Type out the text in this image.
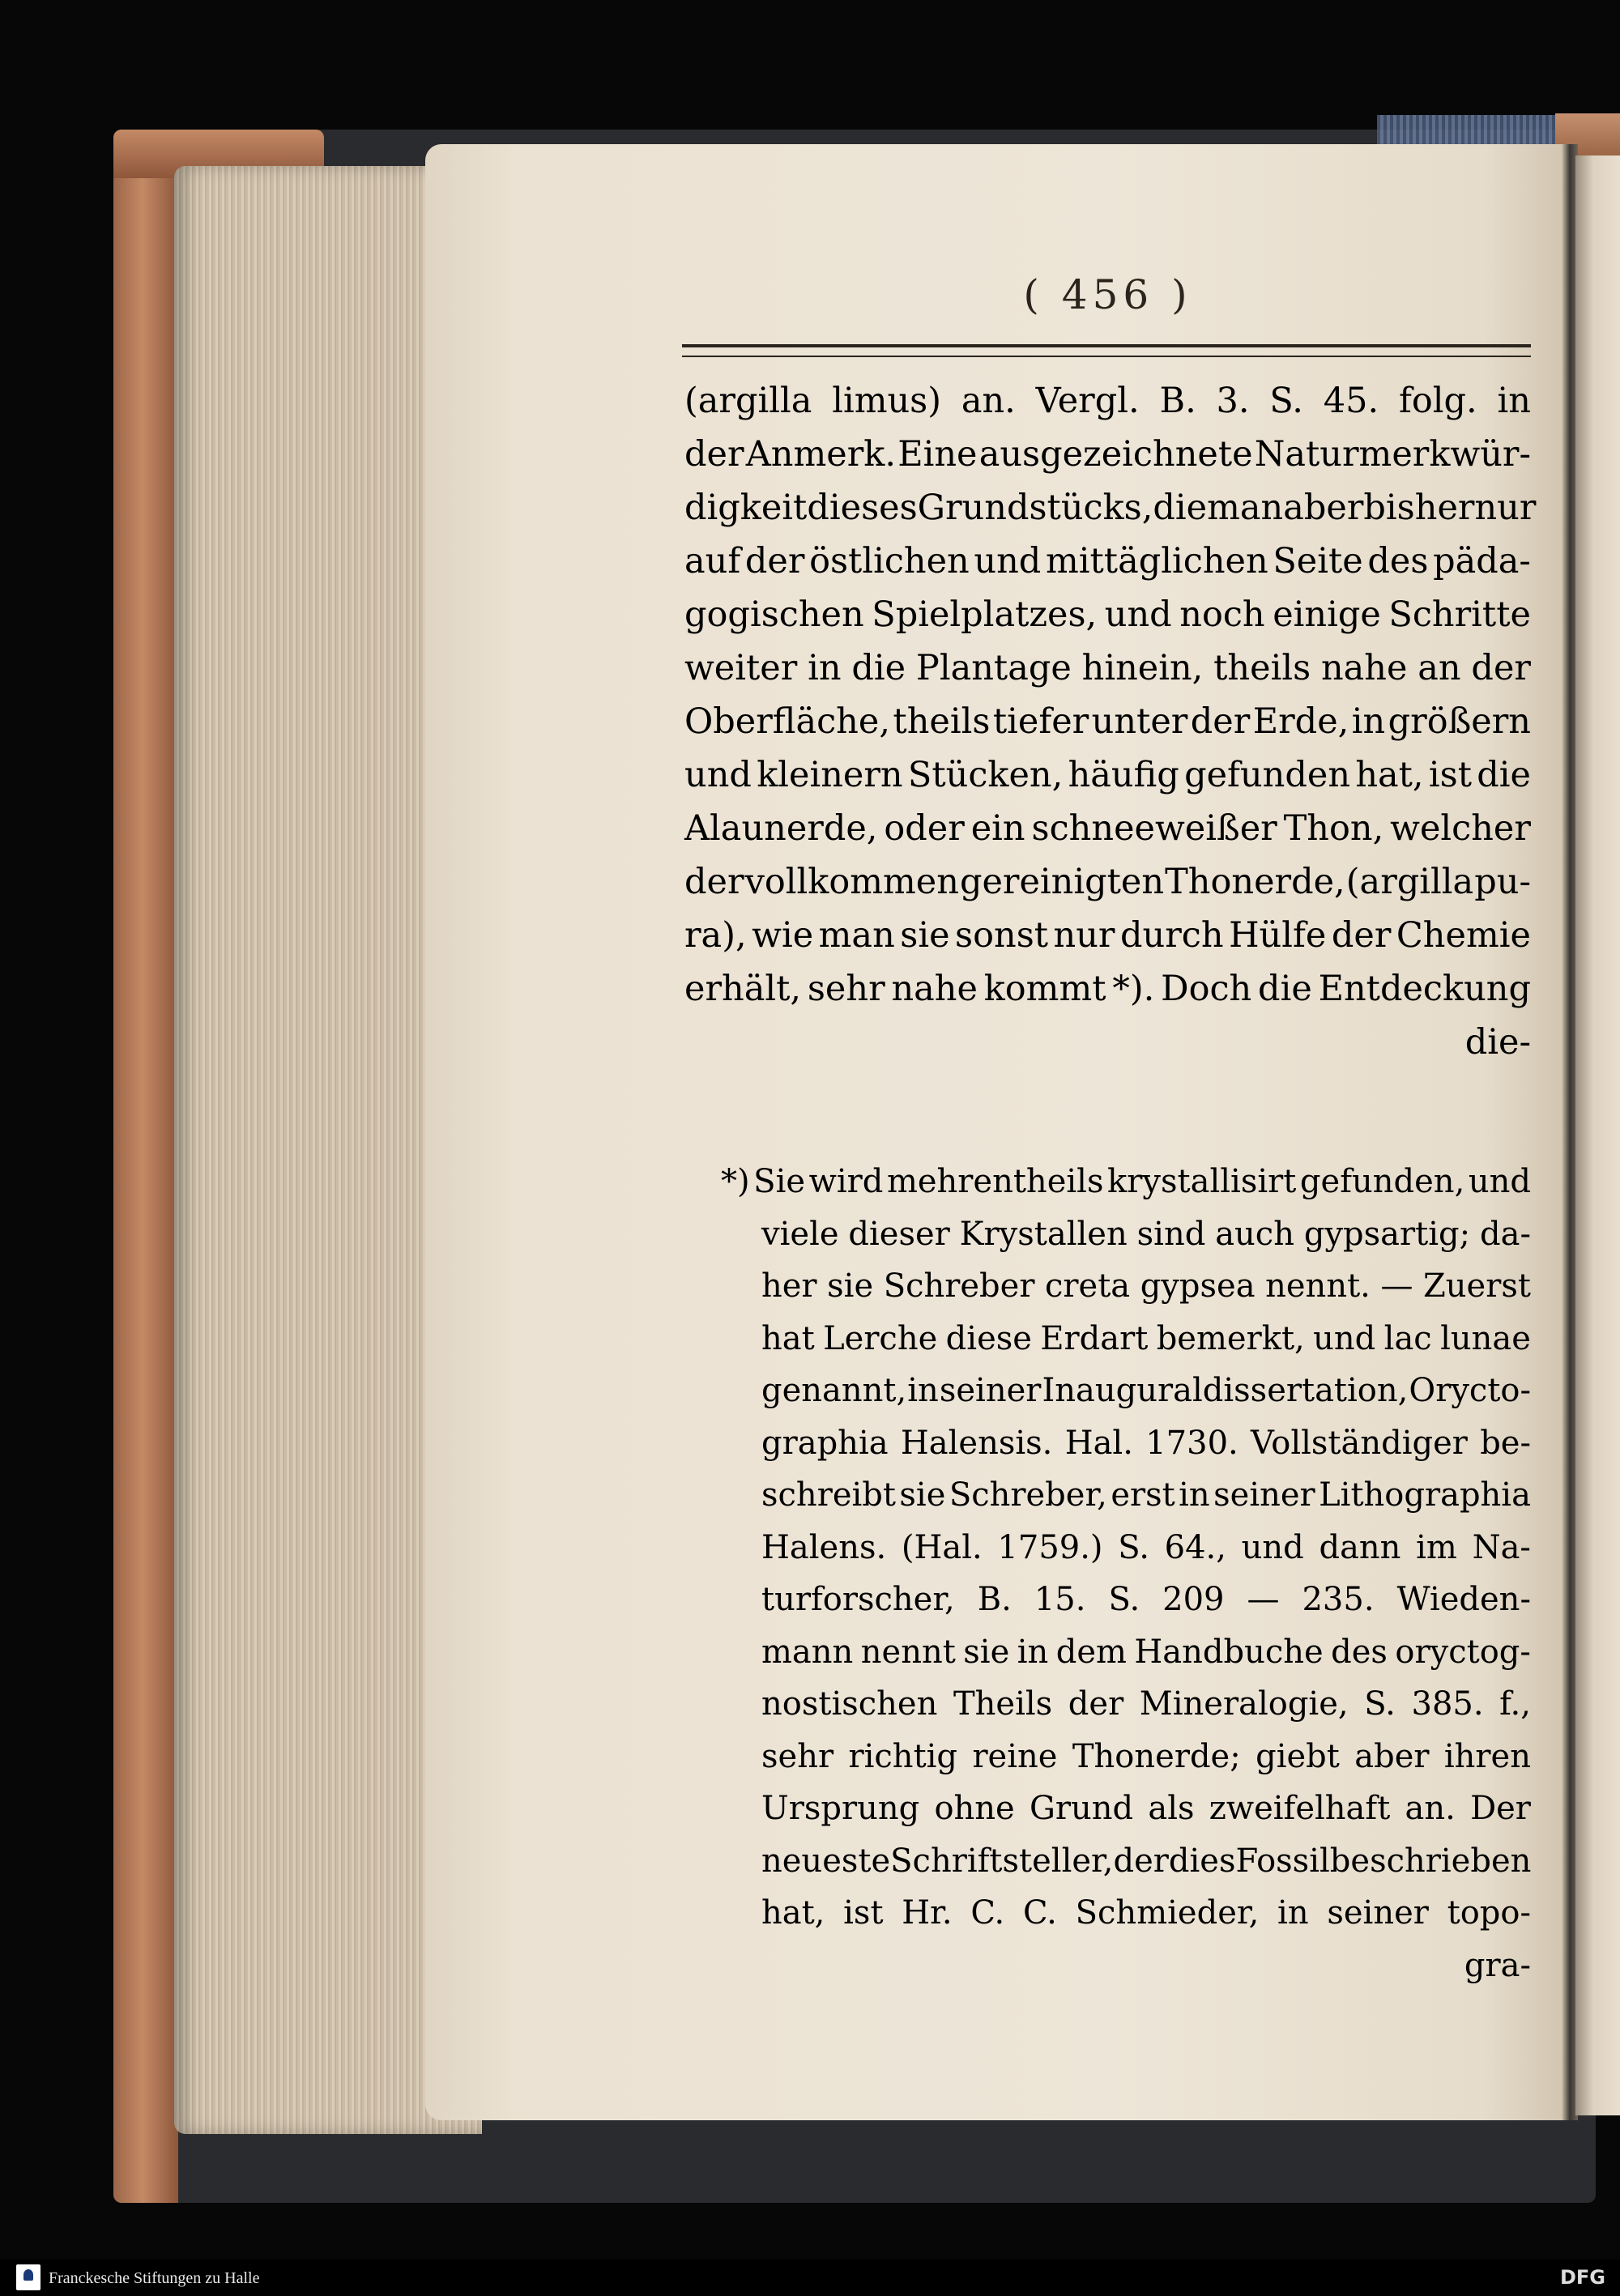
( 456 )
(argilla limus) an. Vergl. B. 3. S. 45. folg. in
der Anmerk. Eine ausgezeichnete Naturmerkwür-
digkeit dieses Grundstücks, die man aber bisher nur
auf der östlichen und mittäglichen Seite des päda-
gogischen Spielplatzes, und noch einige Schritte
weiter in die Plantage hinein, theils nahe an der
Oberfläche, theils tiefer unter der Erde, in größern
und kleinern Stücken, häufig gefunden hat, ist die
Alaunerde, oder ein schneeweißer Thon, welcher
der vollkommen gereinigten Thonerde, (argilla pu-
ra), wie man sie sonst nur durch Hülfe der Chemie
erhält, sehr nahe kommt *). Doch die Entdeckung
die-
*) Sie wird mehrentheils krystallisirt gefunden, und
viele dieser Krystallen sind auch gypsartig; da-
her sie Schreber creta gypsea nennt. — Zuerst
hat Lerche diese Erdart bemerkt, und lac lunae
genannt, in seiner Inauguraldissertation, Orycto-
graphia Halensis. Hal. 1730. Vollständiger be-
schreibt sie Schreber, erst in seiner Lithographia
Halens. (Hal. 1759.) S. 64., und dann im Na-
turforscher, B. 15. S. 209 — 235. Wieden-
mann nennt sie in dem Handbuche des oryctog-
nostischen Theils der Mineralogie, S. 385. f.,
sehr richtig reine Thonerde; giebt aber ihren
Ursprung ohne Grund als zweifelhaft an. Der
neueste Schriftsteller, der dies Fossil beschrieben
hat, ist Hr. C. C. Schmieder, in seiner topo-
gra-
Franckesche Stiftungen zu Halle	DFG
